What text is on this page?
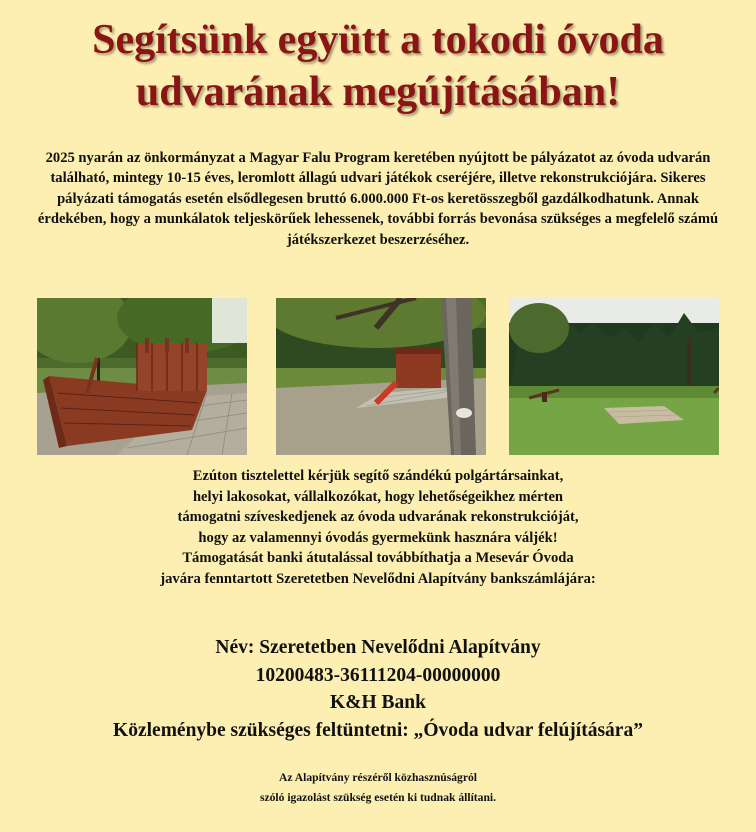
Segítsünk együtt a tokodi óvoda
udvarának megújításában!

2025 nyarán az önkormányzat a Magyar Falu Program keretében nyújtott be pályázatot az óvoda udvarán található, mintegy 10-15 éves, leromlott állagú udvari játékok cseréjére, illetve rekonstrukciójára. Sikeres pályázati támogatás esetén elsődlegesen bruttó 6.000.000 Ft-os keretösszegből gazdálkodhatunk. Annak érdekében, hogy a munkálatok teljeskörűek lehessenek, további forrás bevonása szükséges a megfelelő számú játékszerkezet beszerzéséhez.

Ezúton tisztelettel kérjük segítő szándékú polgártársainkat,
helyi lakosokat, vállalkozókat, hogy lehetőségeikhez mérten
támogatni szíveskedjenek az óvoda udvarának rekonstrukcióját,
hogy az valamennyi óvodás gyermekünk hasznára váljék!
Támogatását banki átutalással továbbíthatja a Mesevár Óvoda
javára fenntartott Szeretetben Nevelődni Alapítvány bankszámlájára:
Név: Szeretetben Nevelődni Alapítvány
10200483-36111204-00000000
K&H Bank
Közleménybe szükséges feltüntetni: „Óvoda udvar felújítására”
Az Alapítvány részéről közhasznúságról
szóló igazolást szükség esetén ki tudnak állítani.
